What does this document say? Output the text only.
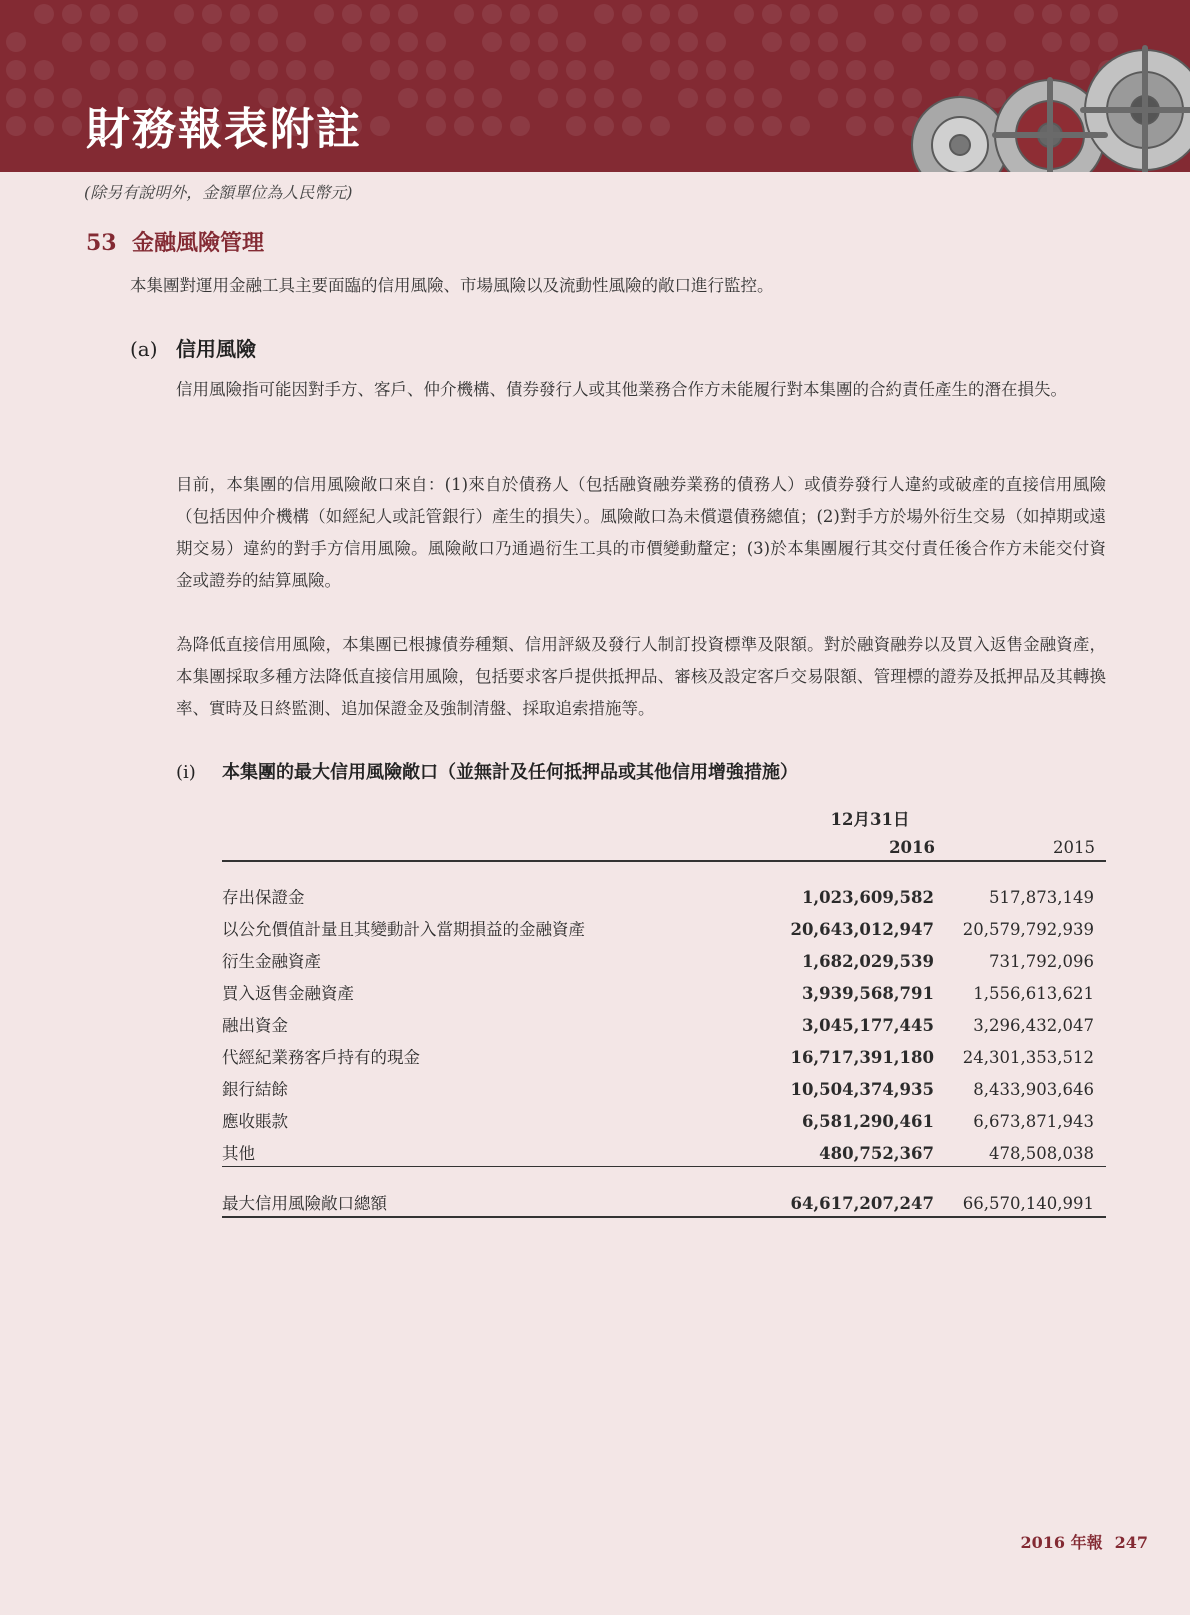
財務報表附註
(除另有說明外，金額單位為人民幣元)
53 金融風險管理
本集團對運用金融工具主要面臨的信用風險、市場風險以及流動性風險的敞口進行監控。
(a) 信用風險
信用風險指可能因對手方、客戶、仲介機構、債券發行人或其他業務合作方未能履行對本集團的合約責任產生的潛在損失。
目前，本集團的信用風險敞口來自：(1)來自於債務人（包括融資融券業務的債務人）或債券發行人違約或破產的直接信用風險（包括因仲介機構（如經紀人或託管銀行）產生的損失）。風險敞口為未償還債務總值；(2)對手方於場外衍生交易（如掉期或遠期交易）違約的對手方信用風險。風險敞口乃通過衍生工具的市價變動釐定；(3)於本集團履行其交付責任後合作方未能交付資金或證券的結算風險。
為降低直接信用風險，本集團已根據債券種類、信用評級及發行人制訂投資標準及限額。對於融資融券以及買入返售金融資產，本集團採取多種方法降低直接信用風險，包括要求客戶提供抵押品、審核及設定客戶交易限額、管理標的證券及抵押品及其轉換率、實時及日終監測、追加保證金及強制清盤、採取追索措施等。
(i) 本集團的最大信用風險敞口（並無計及任何抵押品或其他信用增強措施）
12月31日
2016	2015
存出保證金	1,023,609,582	517,873,149
以公允價值計量且其變動計入當期損益的金融資產	20,643,012,947 20,579,792,939
衍生金融資產	1,682,029,539	731,792,096
買入返售金融資產	3,939,568,791 1,556,613,621
融出資金	3,045,177,445 3,296,432,047
代經紀業務客戶持有的現金	16,717,391,180 24,301,353,512
銀行結餘	10,504,374,935 8,433,903,646
應收賬款	6,581,290,461 6,673,871,943
其他	480,752,367	478,508,038
最大信用風險敞口總額	64,617,207,247 66,570,140,991
2016 年報 247
